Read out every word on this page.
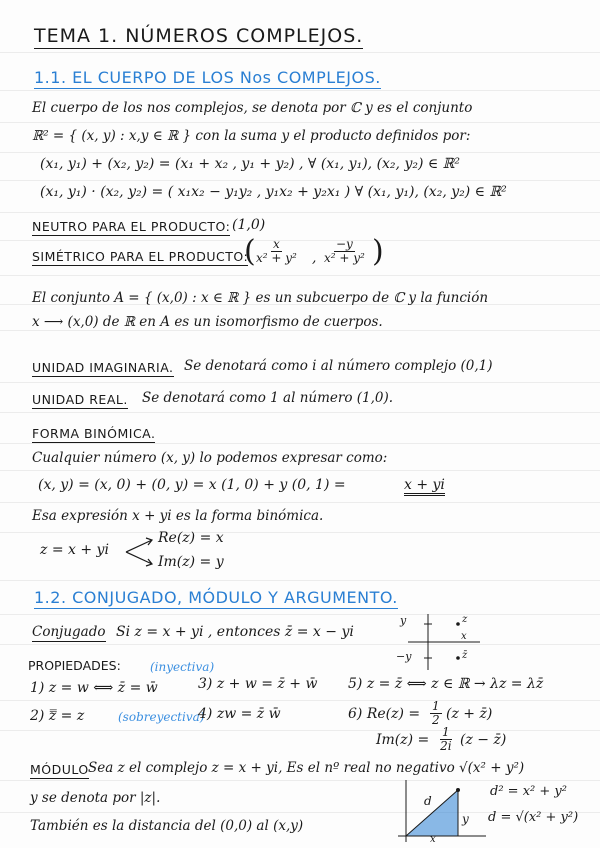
TEMA 1. NÚMEROS COMPLEJOS.
1.1. EL CUERPO DE LOS Nos COMPLEJOS.
El cuerpo de los nos complejos, se denota por ℂ y es el conjunto
ℝ² = { (x, y) : x,y ∈ ℝ } con la suma y el producto definidos por:
(x₁, y₁) + (x₂, y₂) = (x₁ + x₂ , y₁ + y₂) , ∀ (x₁, y₁), (x₂, y₂) ∈ ℝ²
(x₁, y₁) · (x₂, y₂) = ( x₁x₂ − y₁y₂ , y₁x₂ + y₂x₁ ) ∀ (x₁, y₁), (x₂, y₂) ∈ ℝ²
NEUTRO PARA EL PRODUCTO: (1,0)
SIMÉTRICO PARA EL PRODUCTO:
( $\frac{x}{\text{x² + y²}}$ , $\frac{-y}{\text{x² + y²}}$ )
El conjunto A = { (x,0) : x ∈ ℝ } es un subcuerpo de ℂ y la función
x ⟶ (x,0) de ℝ en A es un isomorfismo de cuerpos.
UNIDAD IMAGINARIA. Se denotará como i al número complejo (0,1)
UNIDAD REAL. Se denotará como 1 al número (1,0).
FORMA BINÓMICA.
Cualquier número (x, y) lo podemos expresar como:
(x, y) = (x, 0) + (0, y) = x (1, 0) + y (0, 1) =	x + yi
Esa expresión x + yi es la forma binómica.
z = x + yi
Re(z) = x
Im(z) = y
1.2. CONJUGADO, MÓDULO Y ARGUMENTO.
Conjugado Si z = x + yi , entonces z̄ = x − yi
y
−y
x
z
z̄
PROPIEDADES: (inyectiva)
1) z = w ⟺ z̄ = w̄	3) z + w = z̄ + w̄ 5) z = z̄ ⟺ z ∈ ℝ → λz = λz̄
2) z̿ = z	(sobreyectiva)
4) zw = z̄ w̄	6) $Re(z) = \frac{1}{2} (z$ + z̄)
$Im(z) = \frac{1}{2i} (z$ − z̄)
MÓDULO Sea z el complejo z = x + yi, Es el nº real no negativo √(x² + y²)
y se denota por |z|.
También es la distancia del (0,0) al (x,y)
d
y
x
d² = x² + y²
d = √(x² + y²)
